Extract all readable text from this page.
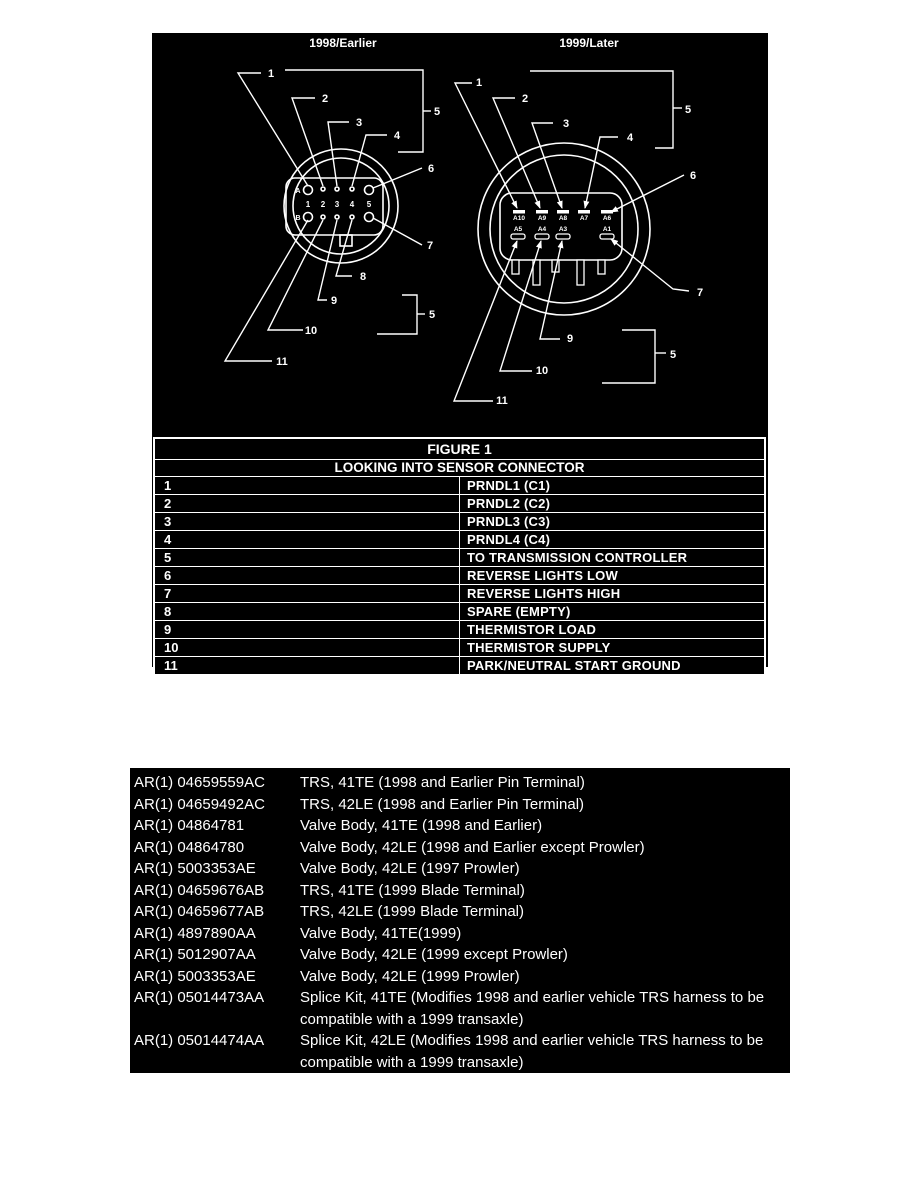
1998/Earlier
A
B
1 2 3 4 5
1
2
3
4
5
6
7
8
9
10
11
5
1999/Later
A10 A9 A8 A7 A6
A5 A4 A3	A1
1
2
3
4
5
6
7
9
10
11
5
FIGURE 1	
LOOKING INTO SENSOR CONNECTOR	
1	PRNDL1 (C1)
2	PRNDL2 (C2)
3	PRNDL3 (C3)
4	PRNDL4 (C4)
5	TO TRANSMISSION CONTROLLER
6	REVERSE LIGHTS LOW
7	REVERSE LIGHTS HIGH
8	SPARE (EMPTY)
9	THERMISTOR LOAD
10	THERMISTOR SUPPLY
11	PARK/NEUTRAL START GROUND
AR(1) 04659559AC	TRS, 41TE (1998 and Earlier Pin Terminal)
AR(1) 04659492AC	TRS, 42LE (1998 and Earlier Pin Terminal)
AR(1) 04864781	Valve Body, 41TE (1998 and Earlier)
AR(1) 04864780	Valve Body, 42LE (1998 and Earlier except Prowler)
AR(1) 5003353AE	Valve Body, 42LE (1997 Prowler)
AR(1) 04659676AB	TRS, 41TE (1999 Blade Terminal)
AR(1) 04659677AB	TRS, 42LE (1999 Blade Terminal)
AR(1) 4897890AA	Valve Body, 41TE(1999)
AR(1) 5012907AA	Valve Body, 42LE (1999 except Prowler)
AR(1) 5003353AE	Valve Body, 42LE (1999 Prowler)
AR(1) 05014473AA	Splice Kit, 41TE (Modifies 1998 and earlier vehicle TRS harness to be compatible with a 1999 transaxle)
AR(1) 05014474AA	Splice Kit, 42LE (Modifies 1998 and earlier vehicle TRS harness to be compatible with a 1999 transaxle)
